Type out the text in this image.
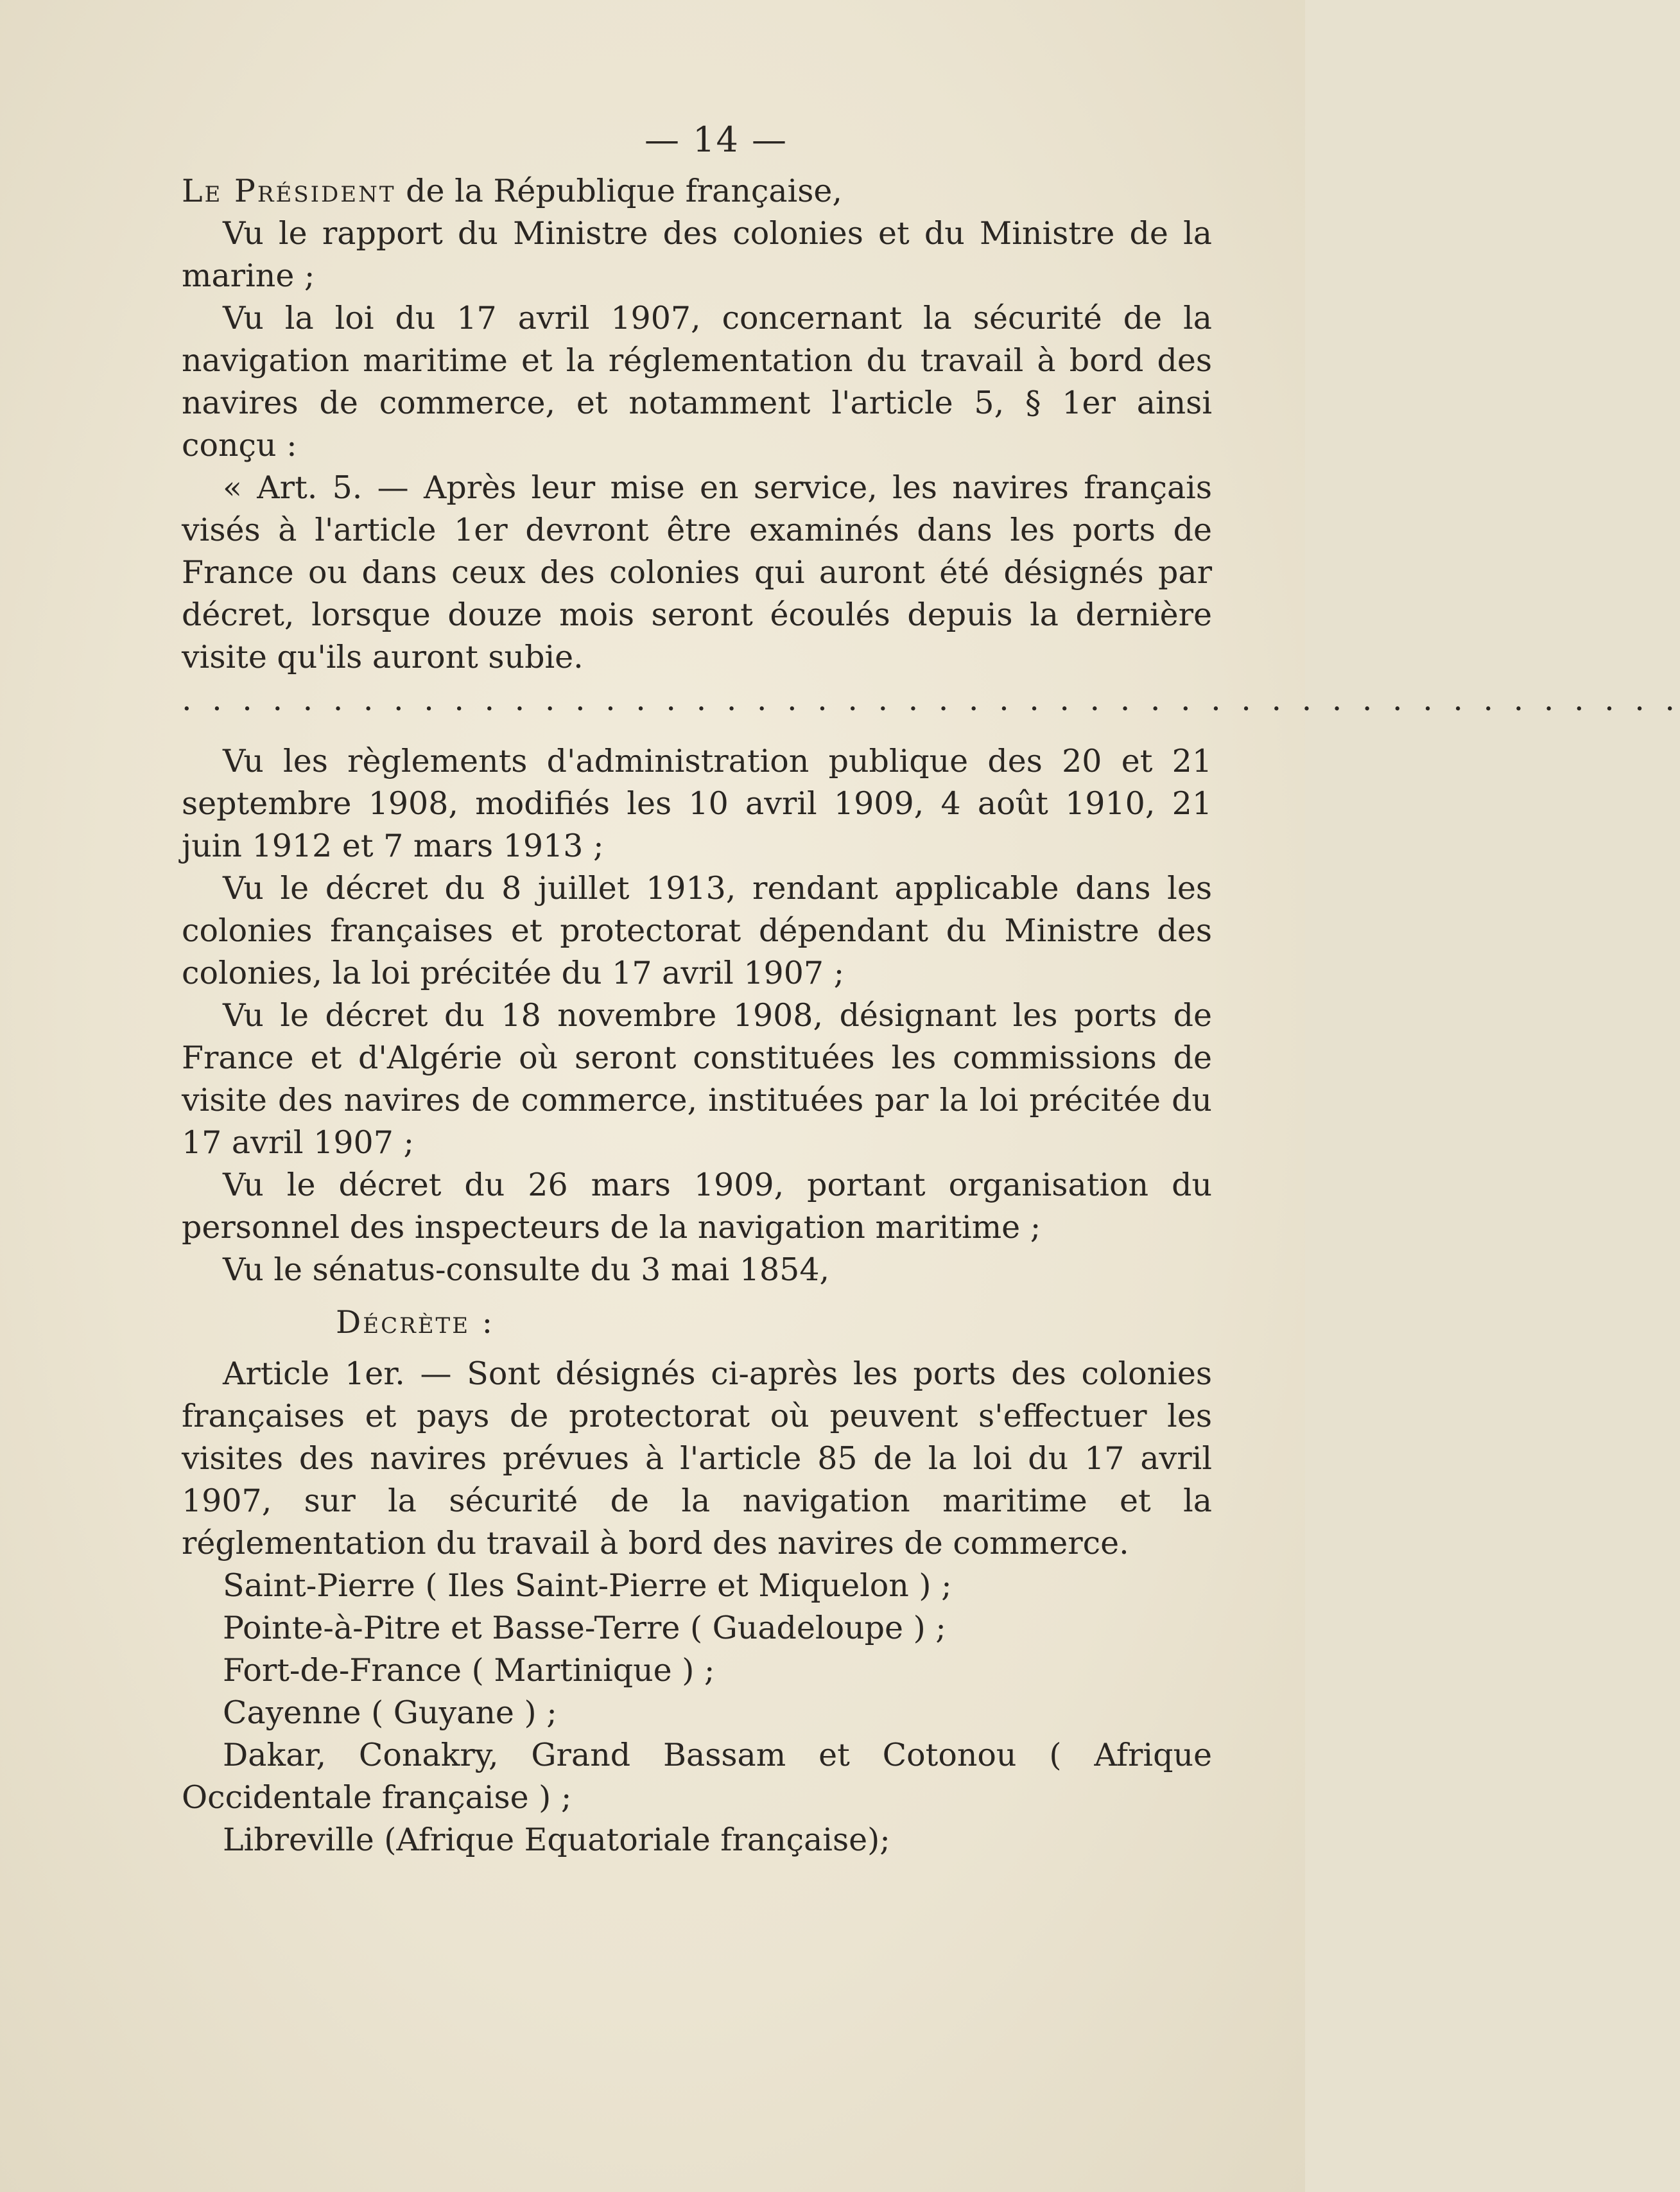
— 14 —

Le Président de la République française,

Vu le rapport du Ministre des colonies et du Ministre de la marine ;

Vu la loi du 17 avril 1907, concernant la sécurité de la navigation maritime et la réglementation du travail à bord des navires de commerce, et notamment l'article 5, § 1er ainsi conçu :

« Art. 5. — Après leur mise en service, les navires français visés à l'article 1er devront être examinés dans les ports de France ou dans ceux des colonies qui auront été désignés par décret, lorsque douze mois seront écoulés depuis la dernière visite qu'ils auront subie.

. . . . . . . . . . . . . . . . . . . . . . . . . . . . . . . . . . . . . . . . . . . . . . . . . .

Vu les règlements d'administration publique des 20 et 21 septembre 1908, modifiés les 10 avril 1909, 4 août 1910, 21 juin 1912 et 7 mars 1913 ;

Vu le décret du 8 juillet 1913, rendant applicable dans les colonies françaises et protectorat dépendant du Ministre des colonies, la loi précitée du 17 avril 1907 ;

Vu le décret du 18 novembre 1908, désignant les ports de France et d'Algérie où seront constituées les commissions de visite des navires de commerce, instituées par la loi précitée du 17 avril 1907 ;

Vu le décret du 26 mars 1909, portant organisation du personnel des inspecteurs de la navigation maritime ;

Vu le sénatus-consulte du 3 mai 1854,

Décrète :

Article 1er. — Sont désignés ci-après les ports des colonies françaises et pays de protectorat où peuvent s'effectuer les visites des navires prévues à l'article 85 de la loi du 17 avril 1907, sur la sécurité de la navigation maritime et la réglementation du travail à bord des navires de commerce.

Saint-Pierre ( Iles Saint-Pierre et Miquelon ) ;

Pointe-à-Pitre et Basse-Terre ( Guadeloupe ) ;

Fort-de-France ( Martinique ) ;

Cayenne ( Guyane ) ;

Dakar, Conakry, Grand Bassam et Cotonou ( Afrique Occidentale française ) ;

Libreville (Afrique Equatoriale française);
